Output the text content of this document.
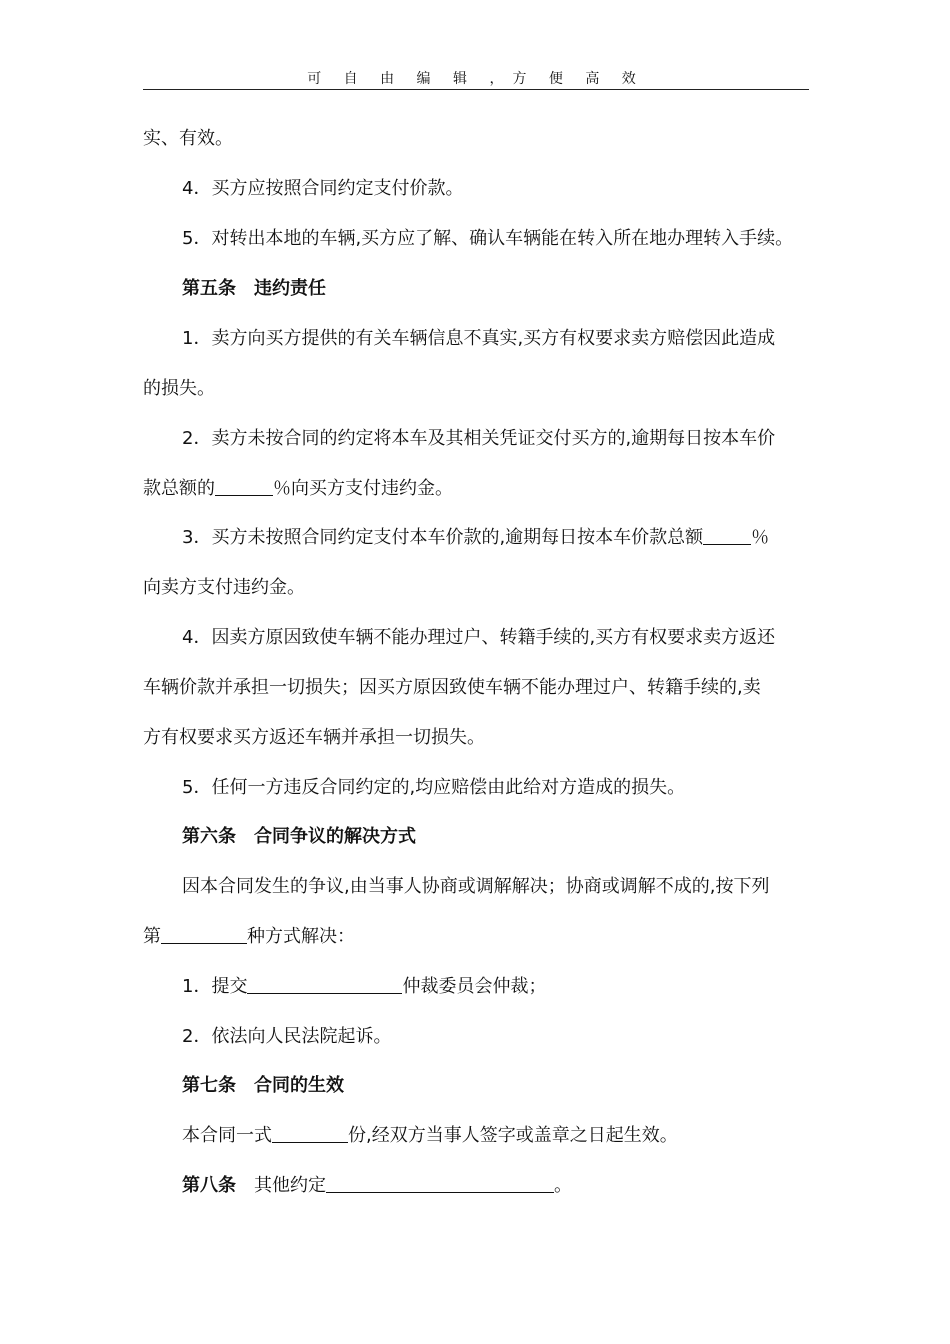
可 自 由 编 辑 ，方 便 高 效
实、有效。
4．买方应按照合同约定支付价款。
5．对转出本地的车辆,买方应了解、确认车辆能在转入所在地办理转入手续。
第五条 违约责任
1．卖方向买方提供的有关车辆信息不真实,买方有权要求卖方赔偿因此造成
的损失。
2．卖方未按合同的约定将本车及其相关凭证交付买方的,逾期每日按本车价
款总额的	％向买方支付违约金。
3．买方未按照合同约定支付本车价款的,逾期每日按本车价款总额	％
向卖方支付违约金。
4．因卖方原因致使车辆不能办理过户、转籍手续的,买方有权要求卖方返还
车辆价款并承担一切损失；因买方原因致使车辆不能办理过户、转籍手续的,卖
方有权要求买方返还车辆并承担一切损失。
5．任何一方违反合同约定的,均应赔偿由此给对方造成的损失。
第六条 合同争议的解决方式
因本合同发生的争议,由当事人协商或调解解决；协商或调解不成的,按下列
第	种方式解决：
1．提交	仲裁委员会仲裁；
2．依法向人民法院起诉。
第七条 合同的生效
本合同一式	份,经双方当事人签字或盖章之日起生效。
第八条 其他约定	。
